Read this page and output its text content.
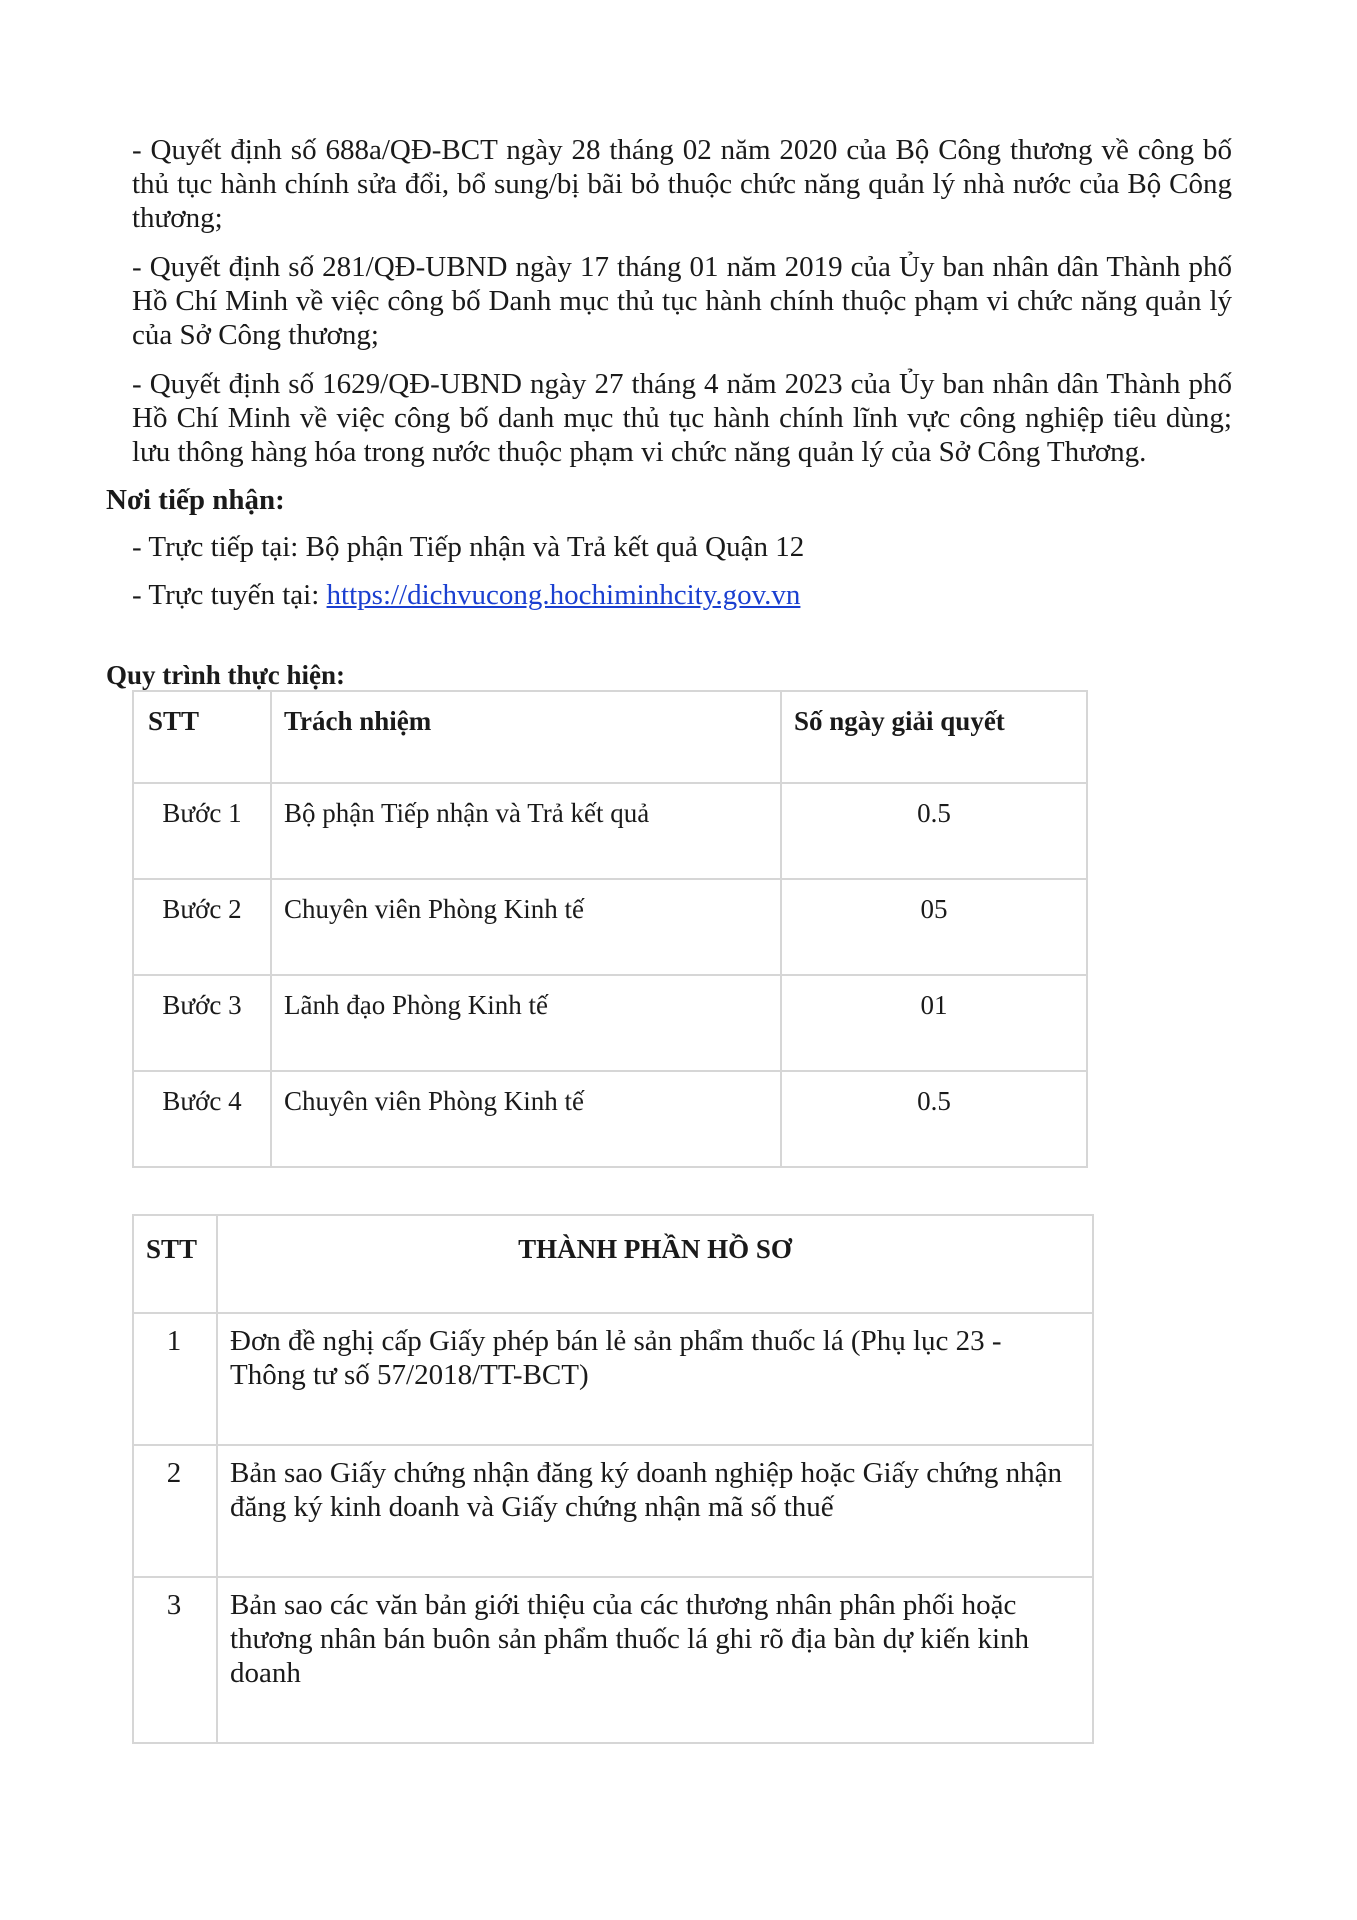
- Quyết định số 688a/QĐ-BCT ngày 28 tháng 02 năm 2020 của Bộ Công thương về công bố thủ tục hành chính sửa đổi, bổ sung/bị bãi bỏ thuộc chức năng quản lý nhà nước của Bộ Công thương;

- Quyết định số 281/QĐ-UBND ngày 17 tháng 01 năm 2019 của Ủy ban nhân dân Thành phố Hồ Chí Minh về việc công bố Danh mục thủ tục hành chính thuộc phạm vi chức năng quản lý của Sở Công thương;

- Quyết định số 1629/QĐ-UBND ngày 27 tháng 4 năm 2023 của Ủy ban nhân dân Thành phố Hồ Chí Minh về việc công bố danh mục thủ tục hành chính lĩnh vực công nghiệp tiêu dùng; lưu thông hàng hóa trong nước thuộc phạm vi chức năng quản lý của Sở Công Thương.

Nơi tiếp nhận:

- Trực tiếp tại: Bộ phận Tiếp nhận và Trả kết quả Quận 12

- Trực tuyến tại: https://dichvucong.hochiminhcity.gov.vn

Quy trình thực hiện:

STT	Trách nhiệm	Số ngày giải quyết
Bước 1	Bộ phận Tiếp nhận và Trả kết quả	0.5
Bước 2	Chuyên viên Phòng Kinh tế	05
Bước 3	Lãnh đạo Phòng Kinh tế	01
Bước 4	Chuyên viên Phòng Kinh tế	0.5
STT	THÀNH PHẦN HỒ SƠ
1	Đơn đề nghị cấp Giấy phép bán lẻ sản phẩm thuốc lá (Phụ lục 23 - Thông tư số 57/2018/TT-BCT)
2	Bản sao Giấy chứng nhận đăng ký doanh nghiệp hoặc Giấy chứng nhận đăng ký kinh doanh và Giấy chứng nhận mã số thuế
3	Bản sao các văn bản giới thiệu của các thương nhân phân phối hoặc thương nhân bán buôn sản phẩm thuốc lá ghi rõ địa bàn dự kiến kinh doanh
